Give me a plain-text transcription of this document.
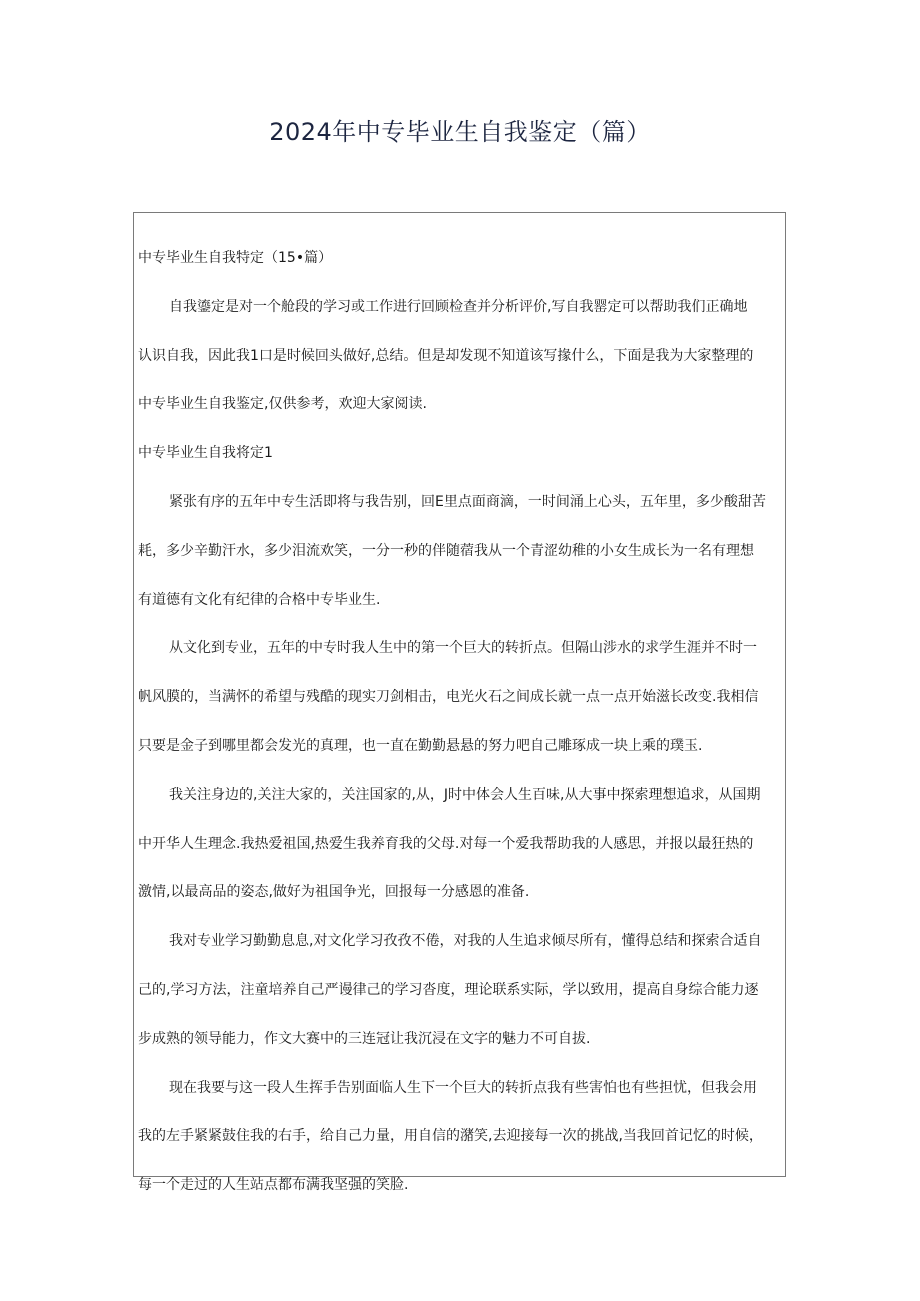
2024年中专毕业生自我鉴定（篇）

中专毕业生自我特定（15•篇）

自我鎏定是对一个舱段的学习或工作进行回顾检查并分析评价,写自我罂定可以帮助我们正确地

认识自我，因此我1口是时候回头做好,总结。但是却发现不知道该写掾什么，下面是我为大家整理的

中专毕业生自我鉴定,仅供参考，欢迎大家阅读.

中专毕业生自我将定1

紧张有序的五年中专生活即将与我告别，回E里点面商滴，一时间涌上心头，五年里，多少酸甜苦

耗，多少辛勤汗水，多少泪流欢笑，一分一秒的伴随蓿我从一个青涩幼稚的小女生成长为一名有理想

有道德有文化有纪律的合格中专毕业生.

从文化到专业，五年的中专时我人生中的第一个巨大的转折点。但隔山涉水的求学生涯并不时一

帆风膜的，当满怀的希望与残酷的现实刀剑相击，电光火石之间成长就一点一点开始滋长改变.我相信

只要是金子到哪里都会发光的真理，也一直在勤勤悬悬的努力吧自己雕琢成一块上乘的璞玉.

我关注身边的,关注大家的，关注国家的,从，J时中体会人生百味,从大事中探索理想追求，从国期

中开华人生理念.我热爱祖国,热爱生我养育我的父母.对每一个爱我帮助我的人感思，并报以最狂热的

激情,以最高品的姿态,做好为祖国争光，回报每一分感恩的准备.

我对专业学习勤勤息息,对文化学习孜孜不倦，对我的人生追求倾尽所有，懂得总结和探索合适自

己的,学习方法，注童培养自己严谩律己的学习沓度，理论联系实际，学以致用，提高自身综合能力逐

步成熟的领导能力，作文大赛中的三连冠让我沉浸在文字的魅力不可自拔.

现在我要与这一段人生挥手告别面临人生下一个巨大的转折点我有些害怕也有些担忧，但我会用

我的左手紧紧鼓住我的右手，给自己力量，用自信的潴笑,去迎接每一次的挑战,当我回首记忆的时候，

每一个走过的人生站点都布满我坚强的笑脸.
